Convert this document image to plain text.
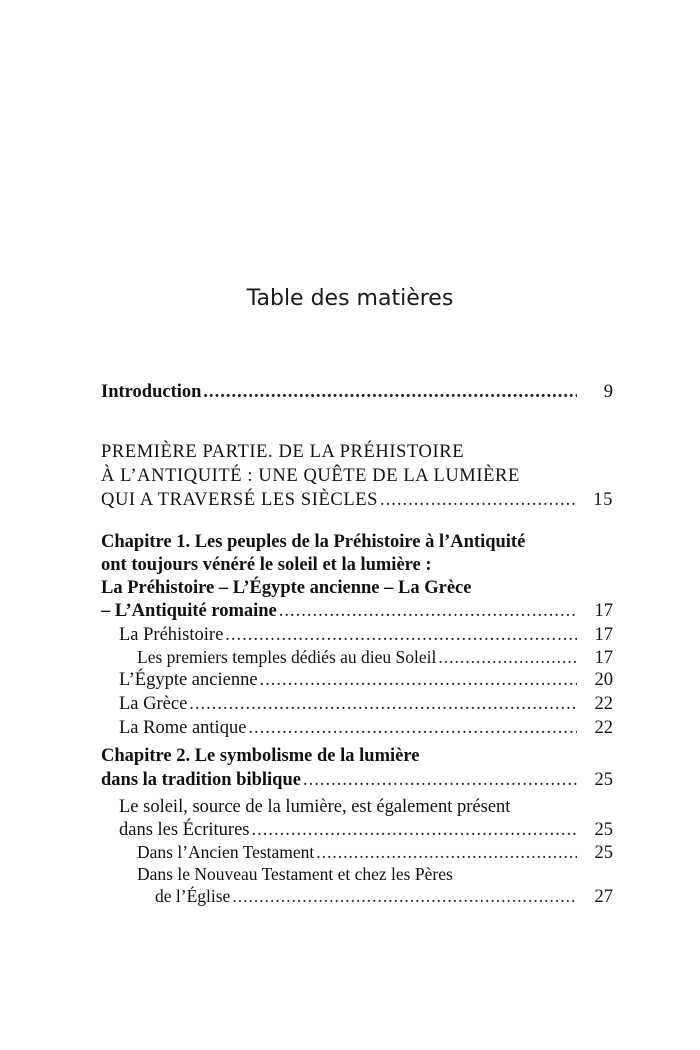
Table des matières
Introduction .....	9
PREMIÈRE PARTIE. DE LA PRÉHISTOIRE
À L’ANTIQUITÉ : UNE QUÊTE DE LA LUMIÈRE
QUI A TRAVERSÉ LES SIÈCLES .....	15
Chapitre 1. Les peuples de la Préhistoire à l’Antiquité
ont toujours vénéré le soleil et la lumière :
La Préhistoire – L’Égypte ancienne – La Grèce
– L’Antiquité romaine .....	17
La Préhistoire .....	17
Les premiers temples dédiés au dieu Soleil .....	17
L’Égypte ancienne .....	20
La Grèce .....	22
La Rome antique .....	22
Chapitre 2. Le symbolisme de la lumière
dans la tradition biblique .....	25
Le soleil, source de la lumière, est également présent
dans les Écritures .....	25
Dans l’Ancien Testament .....	25
Dans le Nouveau Testament et chez les Pères
de l’Église .....	27
